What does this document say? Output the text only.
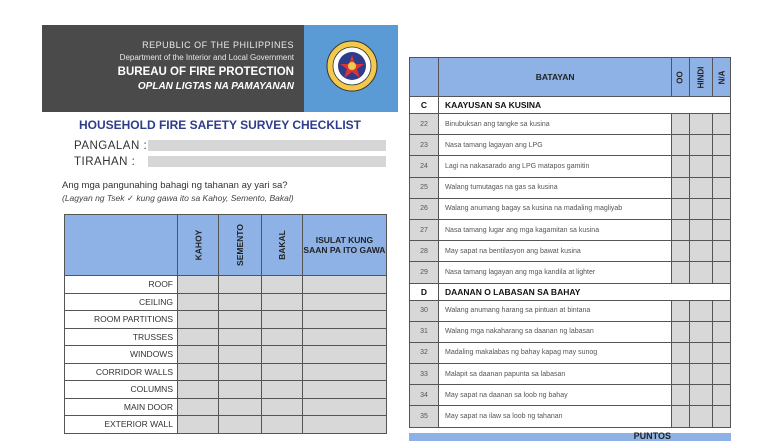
REPUBLIC OF THE PHILIPPINES
Department of the Interior and Local Government
BUREAU OF FIRE PROTECTION
OPLAN LIGTAS NA PAMAYANAN
HOUSEHOLD FIRE SAFETY SURVEY CHECKLIST
PANGALAN :
TIRAHAN :
Ang mga pangunahing bahagi ng tahanan ay yari sa?
(Lagyan ng Tsek ✓ kung gawa ito sa Kahoy, Semento, Bakal)
	KAHOY	SEMENTO	BAKAL	ISULAT KUNG SAAN PA ITO GAWA
ROOF				
CEILING				
ROOM PARTITIONS				
TRUSSES				
WINDOWS				
CORRIDOR WALLS				
COLUMNS				
MAIN DOOR				
EXTERIOR WALL				
	BATAYAN	OO	HINDI	N/A
C	KAAYUSAN SA KUSINA			
22	Binubuksan ang tangke sa kusina			
23	Nasa tamang lagayan ang LPG			
24	Lagi na nakasarado ang LPG matapos gamitin			
25	Walang tumutagas na gas sa kusina			
26	Walang anumang bagay sa kusina na madaling magliyab			
27	Nasa tamang lugar ang mga kagamitan sa kusina			
28	May sapat na bentilasyon ang bawat kusina			
29	Nasa tamang lagayan ang mga kandila at lighter			
D	DAANAN O LABASAN SA BAHAY			
30	Walang anumang harang sa pintuan at bintana			
31	Walang mga nakaharang sa daanan ng labasan			
32	Madaling makalabas ng bahay kapag may sunog			
33	Malapit sa daanan papunta sa labasan			
34	May sapat na daanan sa loob ng bahay			
35	May sapat na ilaw sa loob ng tahanan			
PUNTOS
